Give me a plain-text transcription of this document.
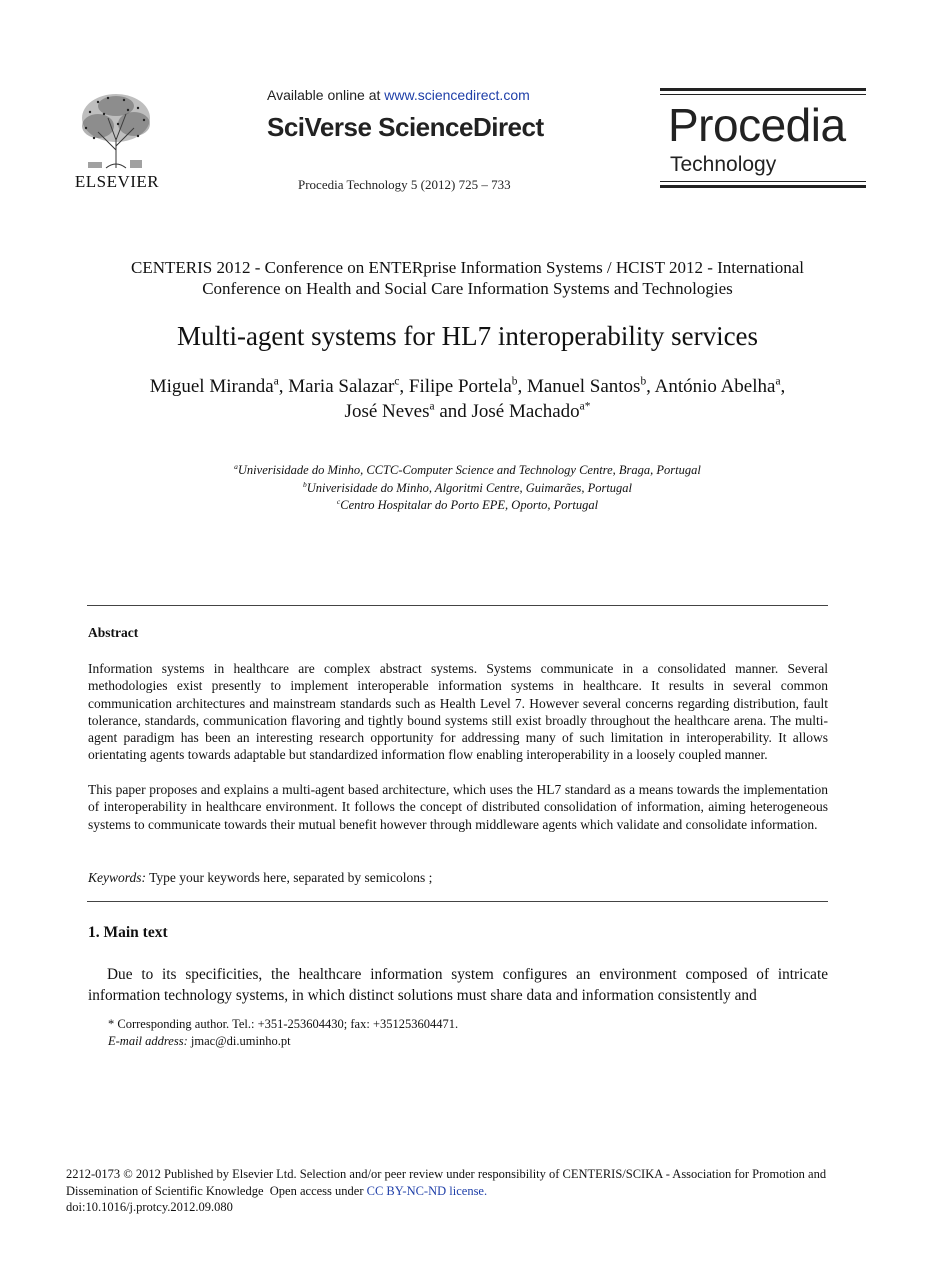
ELSEVIER
Available online at www.sciencedirect.com
SciVerse ScienceDirect
Procedia Technology 5 (2012) 725 – 733
Procedia
Technology
CENTERIS 2012 - Conference on ENTERprise Information Systems / HCIST 2012 - International
Conference on Health and Social Care Information Systems and Technologies
Multi-agent systems for HL7 interoperability services
Miguel Miranda$^a$, Maria Salazar$^c$, Filipe Portela$^b$, Manuel Santos$^b$, António Abelha$^a$,
José Neves$^a$ and José Machado$^{a*}$
$^a$Univerisidade do Minho, CCTC-Computer Science and Technology Centre, Braga, Portugal
$^b$Univerisidade do Minho, Algoritmi Centre, Guimarães, Portugal
$^c$Centro Hospitalar do Porto EPE, Oporto, Portugal
Abstract
Information systems in healthcare are complex abstract systems. Systems communicate in a consolidated manner. Several methodologies exist presently to implement interoperable information systems in healthcare. It results in several common communication architectures and mainstream standards such as Health Level 7. However several concerns regarding distribution, fault tolerance, standards, communication flavoring and tightly bound systems still exist broadly throughout the healthcare arena. The multi-agent paradigm has been an interesting research opportunity for addressing many of such limitation in interoperability. It allows orientating agents towards adaptable but standardized information flow enabling interoperability in a loosely coupled manner.
This paper proposes and explains a multi-agent based architecture, which uses the HL7 standard as a means towards the implementation of interoperability in healthcare environment. It follows the concept of distributed consolidation of information, aiming heterogeneous systems to communicate towards their mutual benefit however through middleware agents which validate and consolidate information.
Keywords: Type your keywords here, separated by semicolons ;
1. Main text
Due to its specificities, the healthcare information system configures an environment composed of intricate information technology systems, in which distinct solutions must share data and information consistently and
* Corresponding author. Tel.: +351-253604430; fax: +351253604471.
E-mail address: jmac@di.uminho.pt
2212-0173 © 2012 Published by Elsevier Ltd. Selection and/or peer review under responsibility of CENTERIS/SCIKA - Association for Promotion and Dissemination of Scientific Knowledge  Open access under CC BY-NC-ND license.
doi:10.1016/j.protcy.2012.09.080
